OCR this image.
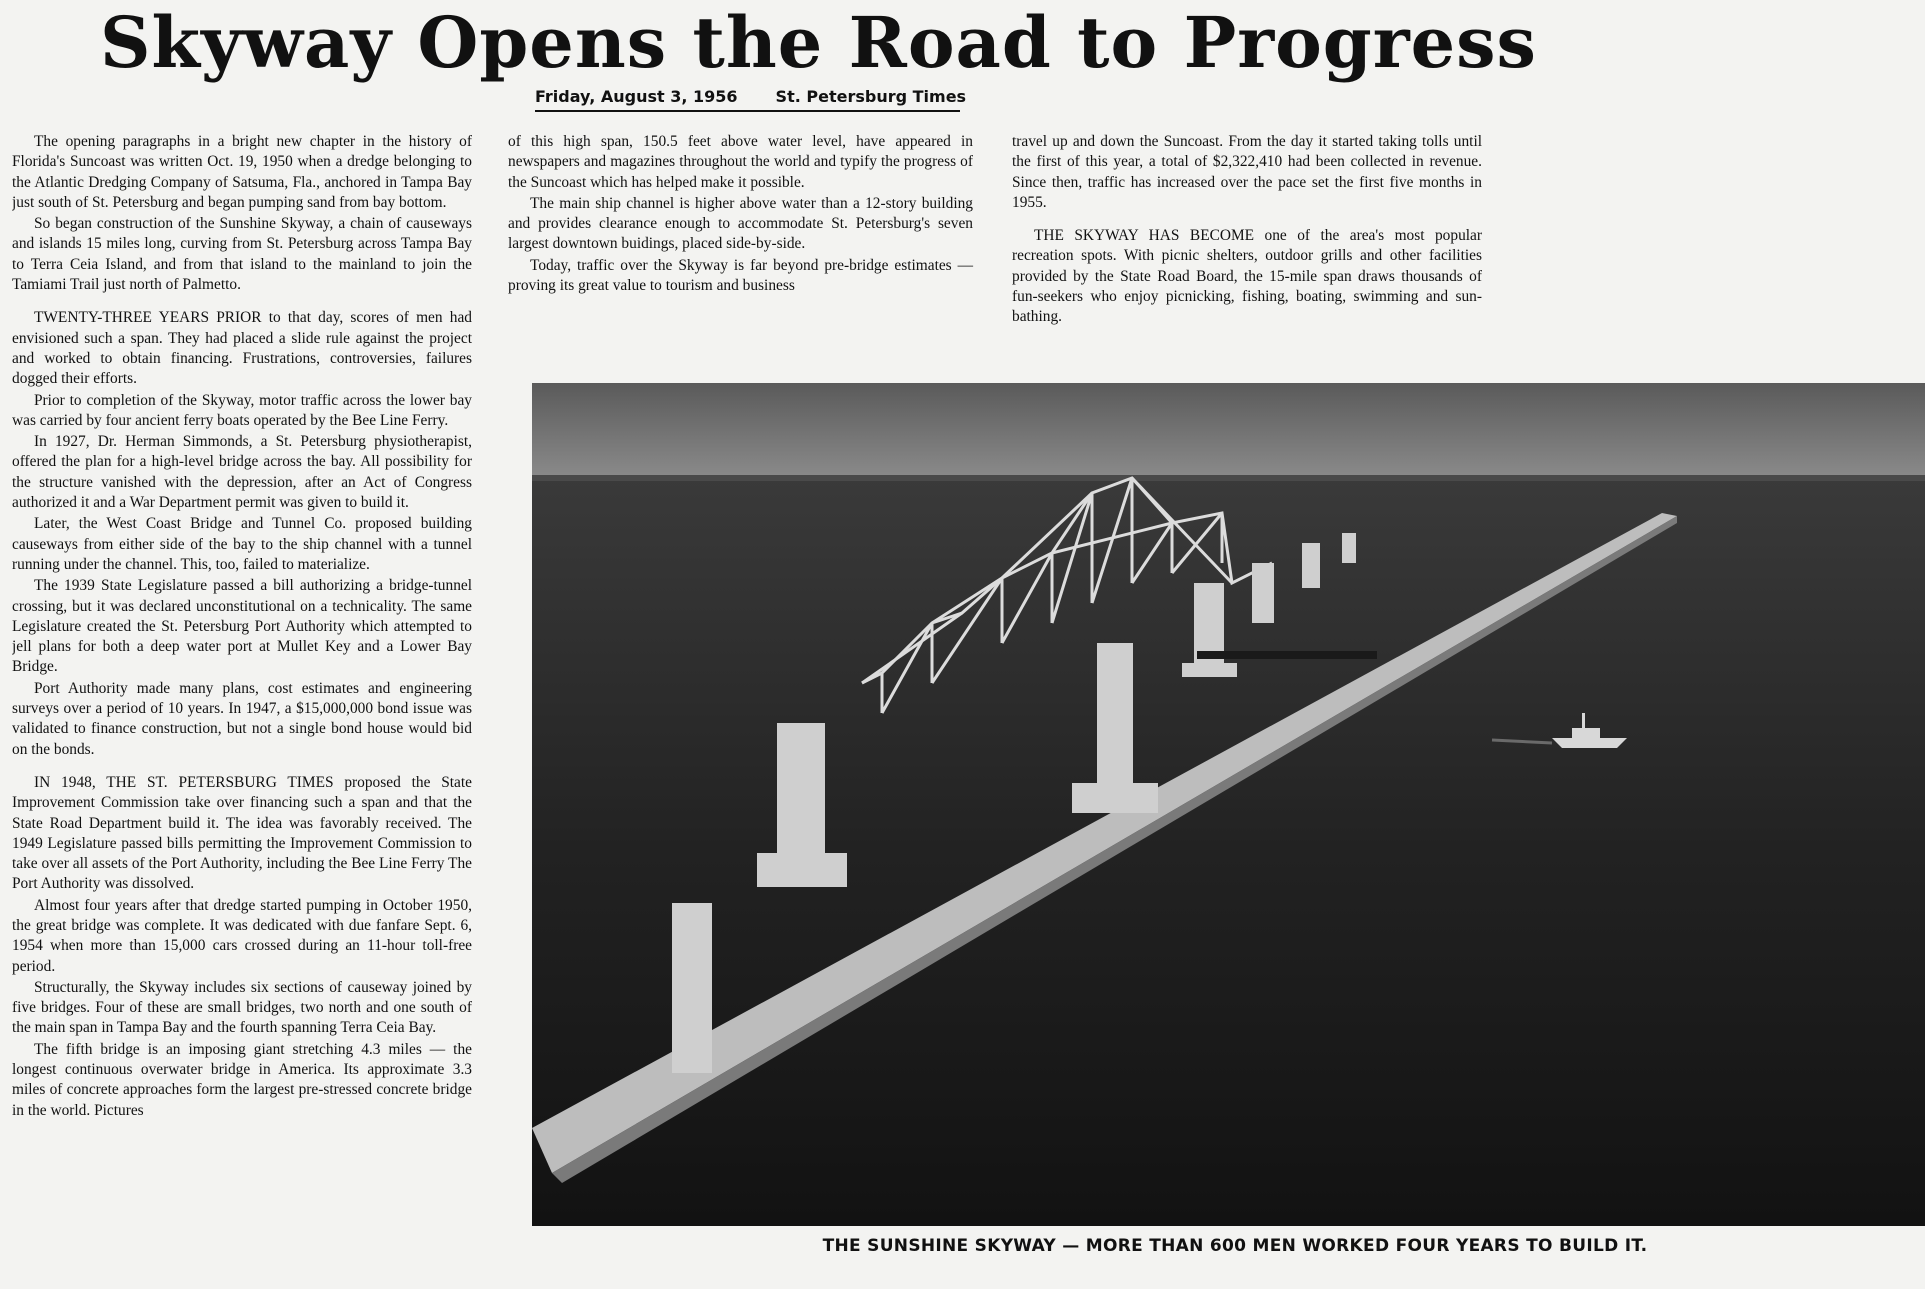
Skyway Opens the Road to Progress
Friday, August 3, 1956 St. Petersburg Times

The opening paragraphs in a bright new chapter in the history of Florida's Suncoast was written Oct. 19, 1950 when a dredge belonging to the Atlantic Dredging Company of Satsuma, Fla., anchored in Tampa Bay just south of St. Petersburg and began pumping sand from bay bottom.

So began construction of the Sunshine Skyway, a chain of causeways and islands 15 miles long, curving from St. Petersburg across Tampa Bay to Terra Ceia Island, and from that island to the mainland to join the Tamiami Trail just north of Palmetto.

TWENTY-THREE YEARS PRIOR to that day, scores of men had envisioned such a span. They had placed a slide rule against the project and worked to obtain financing. Frustrations, controversies, failures dogged their efforts.

Prior to completion of the Skyway, motor traffic across the lower bay was carried by four ancient ferry boats operated by the Bee Line Ferry.

In 1927, Dr. Herman Simmonds, a St. Petersburg physiotherapist, offered the plan for a high-level bridge across the bay. All possibility for the structure vanished with the depression, after an Act of Congress authorized it and a War Department permit was given to build it.

Later, the West Coast Bridge and Tunnel Co. proposed building causeways from either side of the bay to the ship channel with a tunnel running under the channel. This, too, failed to materialize.

The 1939 State Legislature passed a bill authorizing a bridge-tunnel crossing, but it was declared unconstitutional on a technicality. The same Legislature created the St. Petersburg Port Authority which attempted to jell plans for both a deep water port at Mullet Key and a Lower Bay Bridge.

Port Authority made many plans, cost estimates and engineering surveys over a period of 10 years. In 1947, a $15,000,000 bond issue was validated to finance construction, but not a single bond house would bid on the bonds.

IN 1948, THE ST. PETERSBURG TIMES proposed the State Improvement Commission take over financing such a span and that the State Road Department build it. The idea was favorably received. The 1949 Legislature passed bills permitting the Improvement Commission to take over all assets of the Port Authority, including the Bee Line Ferry The Port Authority was dissolved.

Almost four years after that dredge started pumping in October 1950, the great bridge was complete. It was dedicated with due fanfare Sept. 6, 1954 when more than 15,000 cars crossed during an 11-hour toll-free period.

Structurally, the Skyway includes six sections of causeway joined by five bridges. Four of these are small bridges, two north and one south of the main span in Tampa Bay and the fourth spanning Terra Ceia Bay.

The fifth bridge is an imposing giant stretching 4.3 miles — the longest continuous overwater bridge in America. Its approximate 3.3 miles of concrete approaches form the largest pre-stressed concrete bridge in the world. Pictures

of this high span, 150.5 feet above water level, have appeared in newspapers and magazines throughout the world and typify the progress of the Suncoast which has helped make it possible.

The main ship channel is higher above water than a 12-story building and provides clearance enough to accommodate St. Petersburg's seven largest downtown buidings, placed side-by-side.

Today, traffic over the Skyway is far beyond pre-bridge estimates — proving its great value to tourism and business

travel up and down the Suncoast. From the day it started taking tolls until the first of this year, a total of $2,322,410 had been collected in revenue. Since then, traffic has increased over the pace set the first five months in 1955.

THE SKYWAY HAS BECOME one of the area's most popular recreation spots. With picnic shelters, outdoor grills and other facilities provided by the State Road Board, the 15-mile span draws thousands of fun-seekers who enjoy picnicking, fishing, boating, swimming and sun-bathing.

THE SUNSHINE SKYWAY — MORE THAN 600 MEN WORKED FOUR YEARS TO BUILD IT.
